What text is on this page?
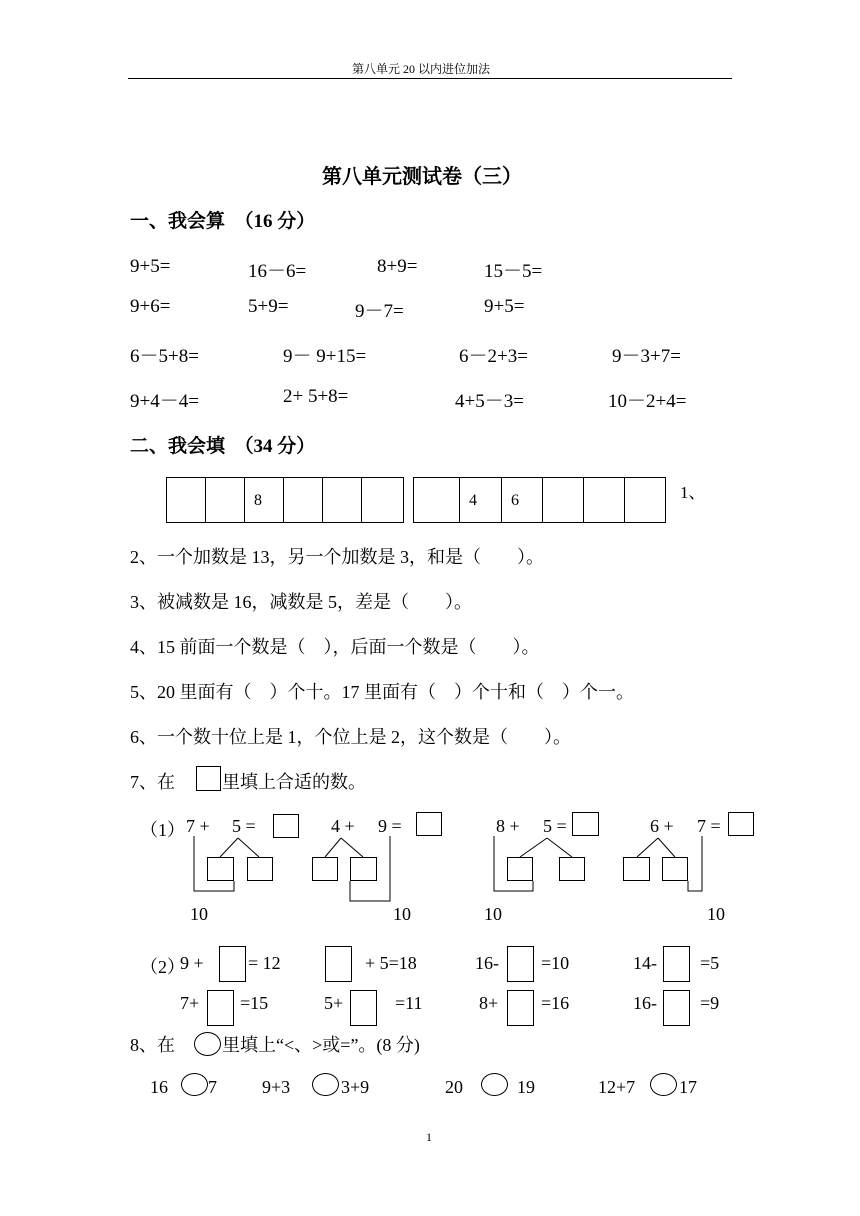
第八单元 20 以内进位加法
第八单元测试卷（三）
一、我会算　（16 分）
9+5=	16－6=	8+9=	15－5=
9+6=	5+9=	9－7=	9+5=
6－5+8=	9－ 9+15=	6－2+3=	9－3+7=
9+4－4=	2+ 5+8=	4+5－3=	10－2+4=
二、我会填　（34 分）
8	4	6	1、
2、一个加数是 13，另一个加数是 3，和是（　　）。
3、被减数是 16，减数是 5，差是（　　）。
4、15 前面一个数是（　），后面一个数是（　　）。
5、20 里面有（　）个十。17 里面有（　）个十和（　）个一。
6、一个数十位上是 1，个位上是 2，这个数是（　　）。
7、在	里填上合适的数。
（1） 7 + 5 =
10
4 + 9 =
10
8 + 5 =
10
6 + 7 =
10
（2）
9 + = 12	+ 5=18	16- =10	14- =5
7+ =15	5+	=11	8+ =16	16- =9
8、在	里填上“<、>或=”。(8 分)
16 7	9+3	3+9	20	19	12+7 17
1
